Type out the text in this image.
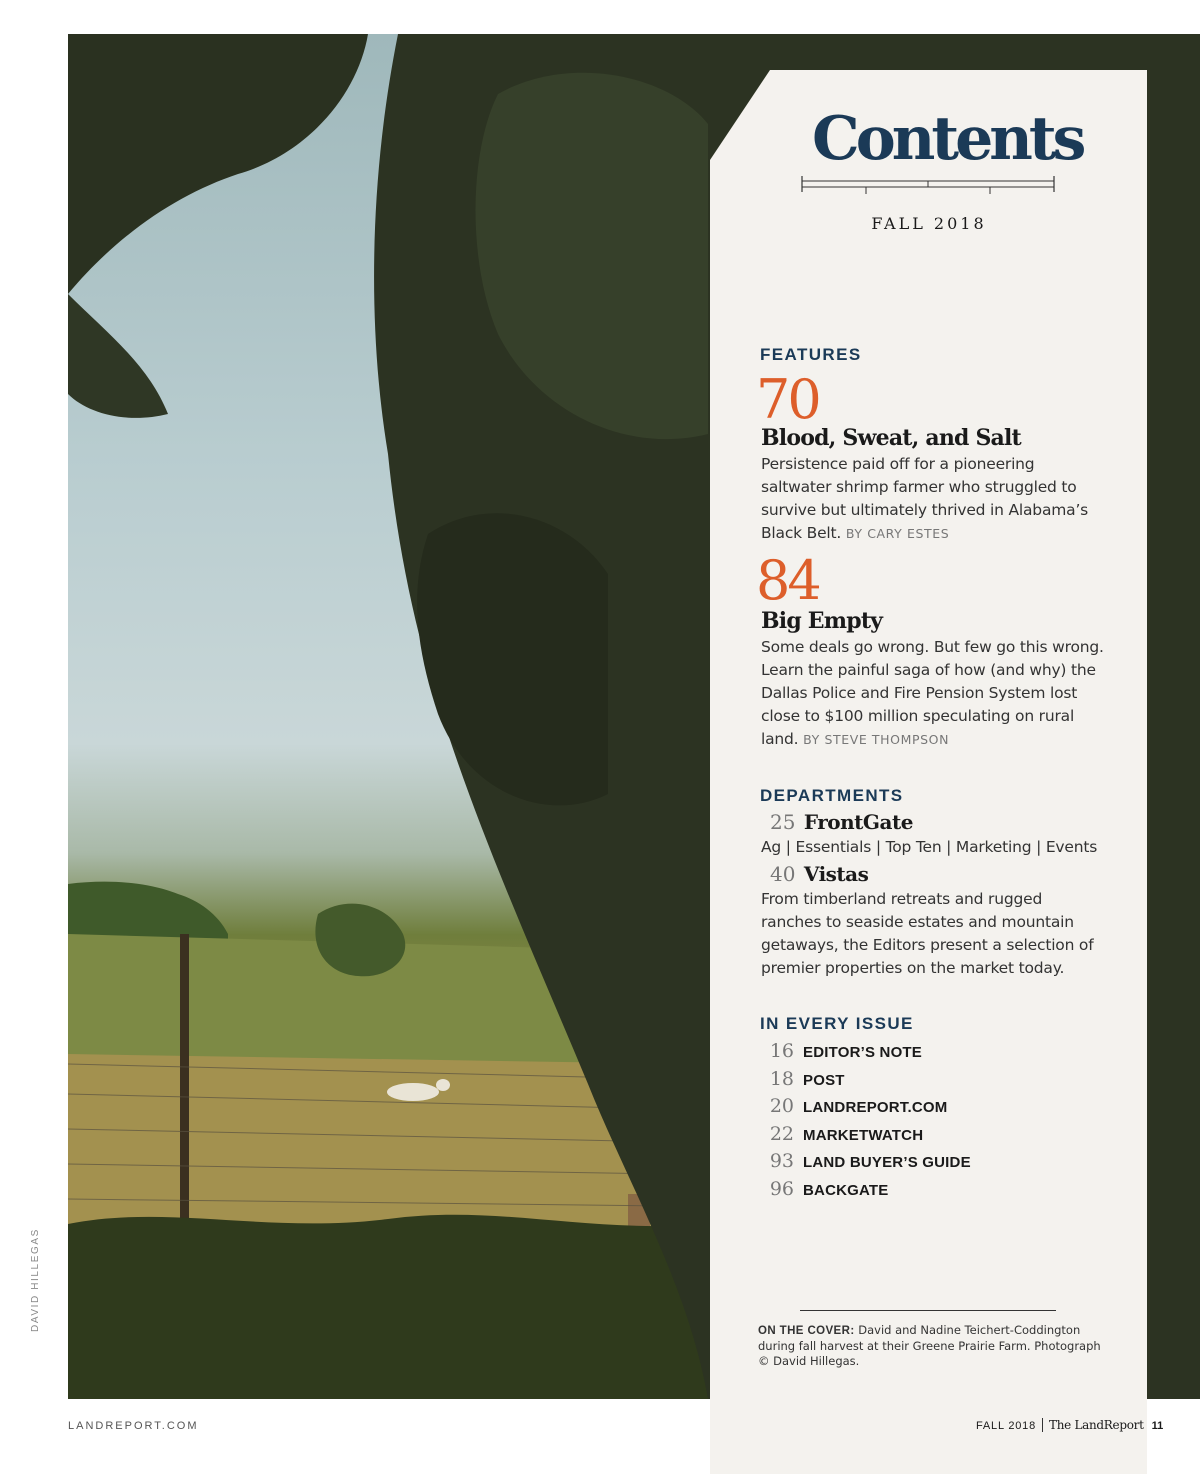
DAVID HILLEGAS
Contents
FALL 2018
FEATURES
70
Blood, Sweat, and Salt
Persistence paid off for a pioneering saltwater shrimp farmer who struggled to survive but ultimately thrived in Alabama’s Black Belt. BY CARY ESTES
84
Big Empty
Some deals go wrong. But few go this wrong. Learn the painful saga of how (and why) the Dallas Police and Fire Pension System lost close to $100 million speculating on rural land. BY STEVE THOMPSON
DEPARTMENTS
25 FrontGate
Ag | Essentials | Top Ten | Marketing | Events
40 Vistas
From timberland retreats and rugged ranches to seaside estates and mountain getaways, the Editors present a selection of premier properties on the market today.
IN EVERY ISSUE
16 EDITOR’S NOTE
18 POST
20 LANDREPORT.COM
22 MARKETWATCH
93 LAND BUYER’S GUIDE
96 BACKGATE
ON THE COVER: David and Nadine Teichert-Coddington during fall harvest at their Greene Prairie Farm. Photograph © David Hillegas.
LANDREPORT.COM	FALL 2018 The LandReport 11
